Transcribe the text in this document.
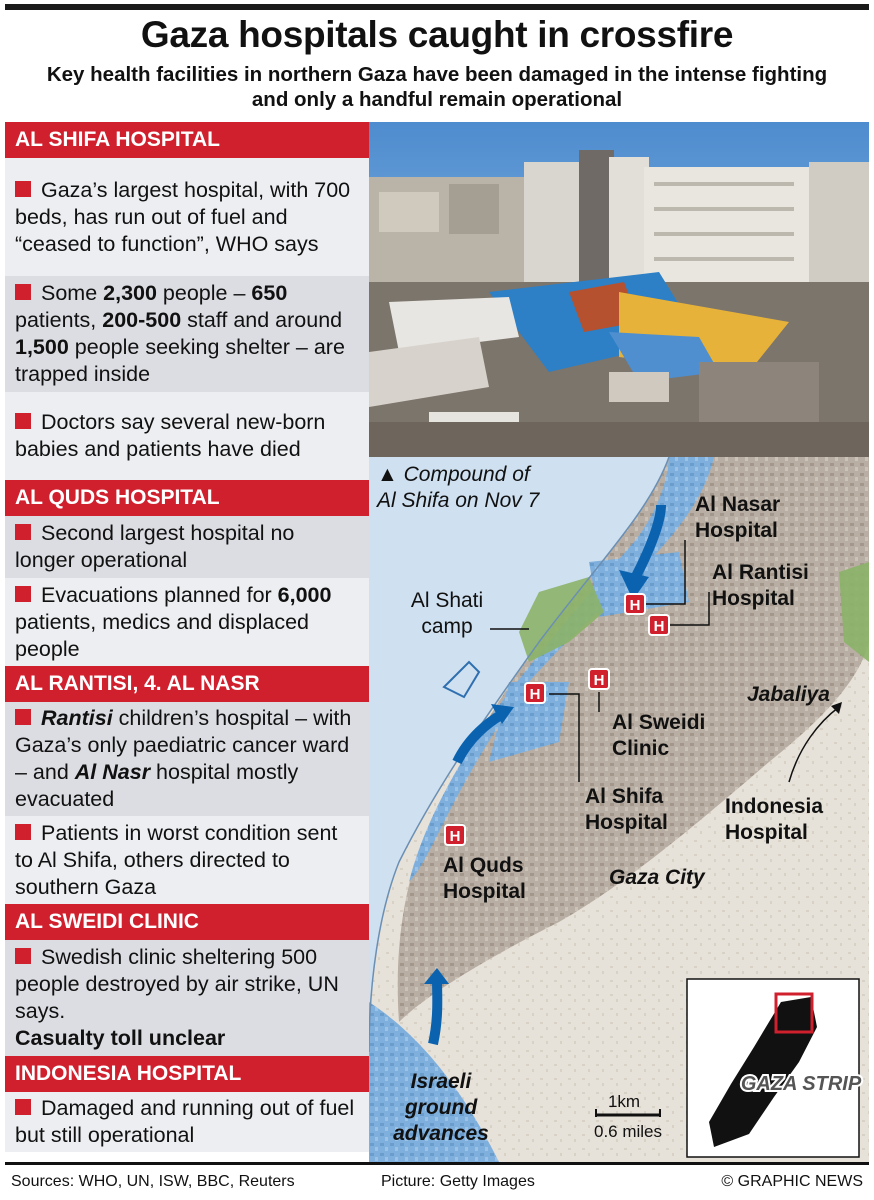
Gaza hospitals caught in crossfire
Key health facilities in northern Gaza have been damaged in the intense fighting and only a handful remain operational
AL SHIFA HOSPITAL
Gaza’s largest hospital, with 700 beds, has run out of fuel and “ceased to function”, WHO says
Some 2,300 people – 650 patients, 200-500 staff and around 1,500 people seeking shelter – are trapped inside
Doctors say several new-born babies and patients have died
AL QUDS HOSPITAL
Second largest hospital no longer operational
Evacuations planned for 6,000 patients, medics and displaced people
AL RANTISI, 4. AL NASR
Rantisi children’s hospital – with Gaza’s only paediatric cancer ward – and Al Nasr hospital mostly evacuated
Patients in worst condition sent to Al Shifa, others directed to southern Gaza
AL SWEIDI CLINIC
Swedish clinic sheltering 500 people destroyed by air strike, UN says.
Casualty toll unclear
INDONESIA HOSPITAL
Damaged and running out of fuel but still operational
H
H
H
H
H
1km
0.6 miles
GAZA STRIP
▲ Compound of Al Shifa on Nov 7	Al Nasar Hospital
Al Rantisi Hospital
Al Shati camp
Jabaliya
Al Sweidi Clinic
Al Shifa Hospital
Indonesia Hospital
Al Quds Hospital
Gaza City
Israeli ground advances
Sources: WHO, UN, ISW, BBC, Reuters	Picture: Getty Images	© GRAPHIC NEWS
